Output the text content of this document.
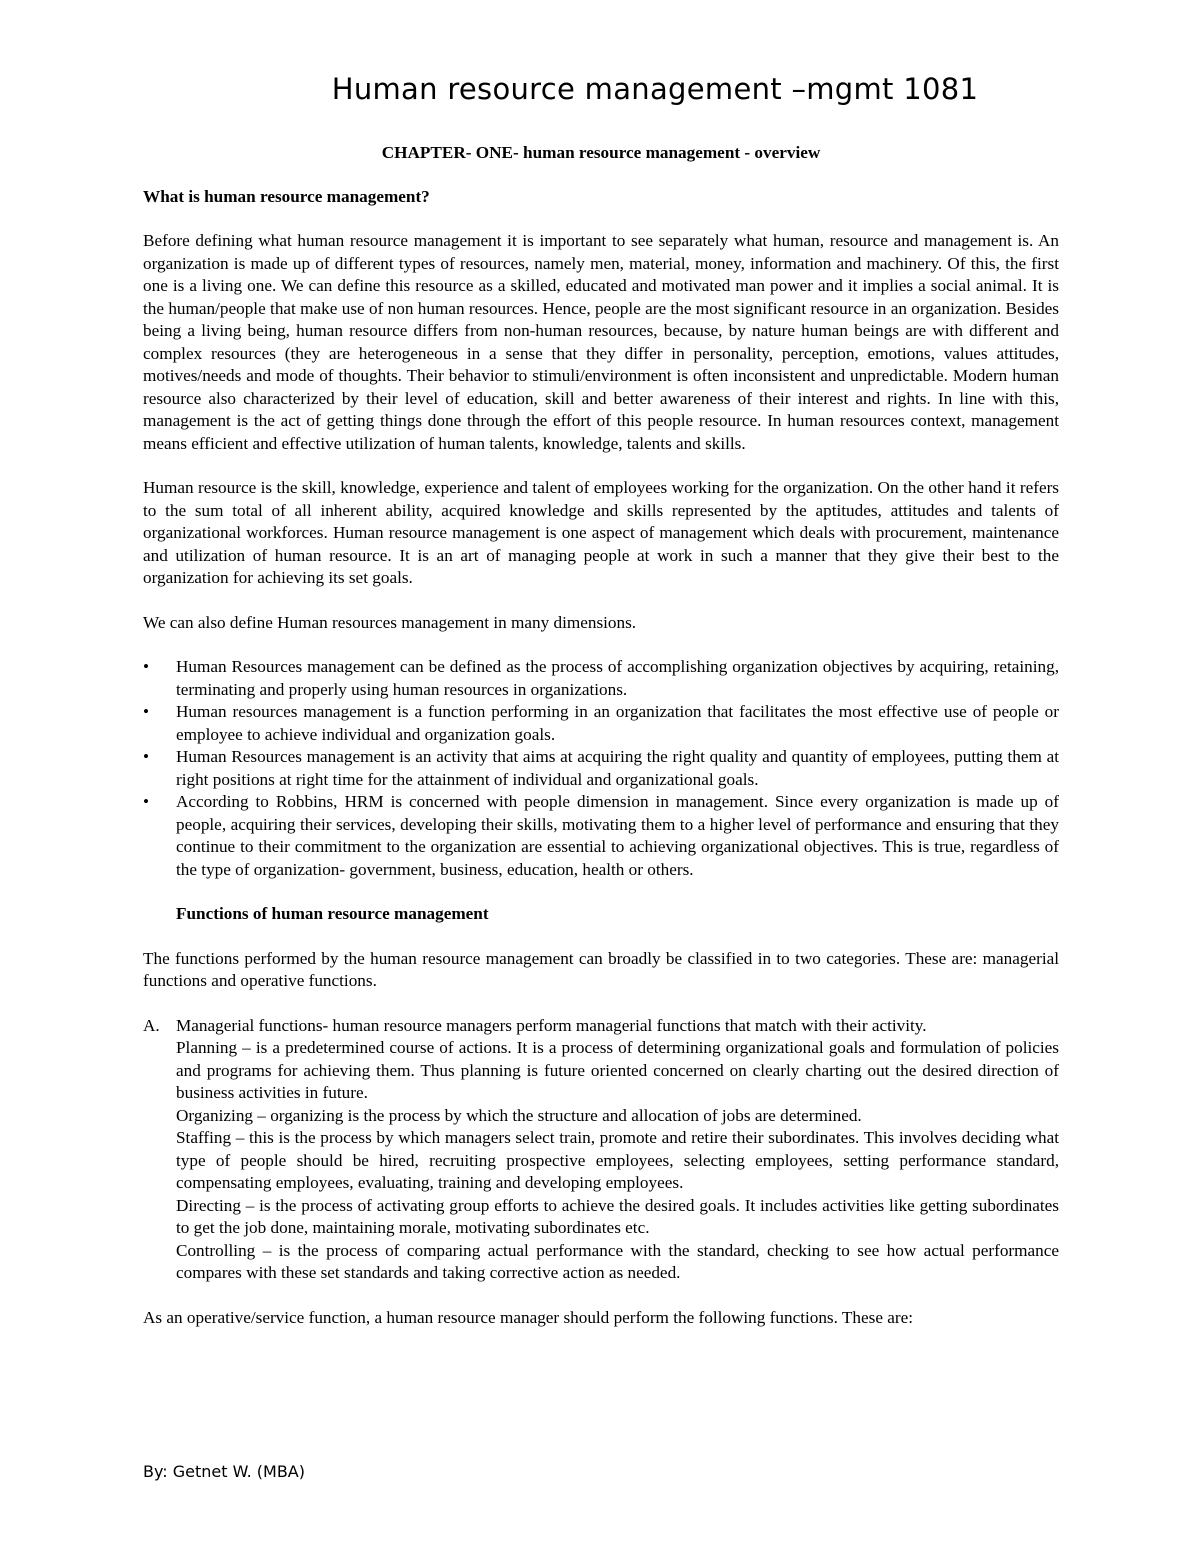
Human resource management –mgmt 1081
CHAPTER- ONE- human resource management - overview
What is human resource management?

Before defining what human resource management it is important to see separately what human, resource and management is. An organization is made up of different types of resources, namely men, material, money, information and machinery. Of this, the first one is a living one. We can define this resource as a skilled, educated and motivated man power and it implies a social animal. It is the human/people that make use of non human resources. Hence, people are the most significant resource in an organization. Besides being a living being, human resource differs from non-human resources, because, by nature human beings are with different and complex resources (they are heterogeneous in a sense that they differ in personality, perception, emotions, values attitudes, motives/needs and mode of thoughts. Their behavior to stimuli/environment is often inconsistent and unpredictable. Modern human resource also characterized by their level of education, skill and better awareness of their interest and rights. In line with this, management is the act of getting things done through the effort of this people resource. In human resources context, management means efficient and effective utilization of human talents, knowledge, talents and skills.

Human resource is the skill, knowledge, experience and talent of employees working for the organization. On the other hand it refers to the sum total of all inherent ability, acquired knowledge and skills represented by the aptitudes, attitudes and talents of organizational workforces. Human resource management is one aspect of management which deals with procurement, maintenance and utilization of human resource. It is an art of managing people at work in such a manner that they give their best to the organization for achieving its set goals.

We can also define Human resources management in many dimensions.

• Human Resources management can be defined as the process of accomplishing organization objectives by acquiring, retaining, terminating and properly using human resources in organizations.
• Human resources management is a function performing in an organization that facilitates the most effective use of people or employee to achieve individual and organization goals.
• Human Resources management is an activity that aims at acquiring the right quality and quantity of employees, putting them at right positions at right time for the attainment of individual and organizational goals.
• According to Robbins, HRM is concerned with people dimension in management. Since every organization is made up of people, acquiring their services, developing their skills, motivating them to a higher level of performance and ensuring that they continue to their commitment to the organization are essential to achieving organizational objectives. This is true, regardless of the type of organization- government, business, education, health or others.
Functions of human resource management

The functions performed by the human resource management can broadly be classified in to two categories. These are: managerial functions and operative functions.

A. Managerial functions- human resource managers perform managerial functions that match with their activity.

Planning – is a predetermined course of actions. It is a process of determining organizational goals and formulation of policies and programs for achieving them. Thus planning is future oriented concerned on clearly charting out the desired direction of business activities in future.

Organizing – organizing is the process by which the structure and allocation of jobs are determined.

Staffing – this is the process by which managers select train, promote and retire their subordinates. This involves deciding what type of people should be hired, recruiting prospective employees, selecting employees, setting performance standard, compensating employees, evaluating, training and developing employees.

Directing – is the process of activating group efforts to achieve the desired goals. It includes activities like getting subordinates to get the job done, maintaining morale, motivating subordinates etc.

Controlling – is the process of comparing actual performance with the standard, checking to see how actual performance compares with these set standards and taking corrective action as needed.

As an operative/service function, a human resource manager should perform the following functions. These are:

By: Getnet W. (MBA)
